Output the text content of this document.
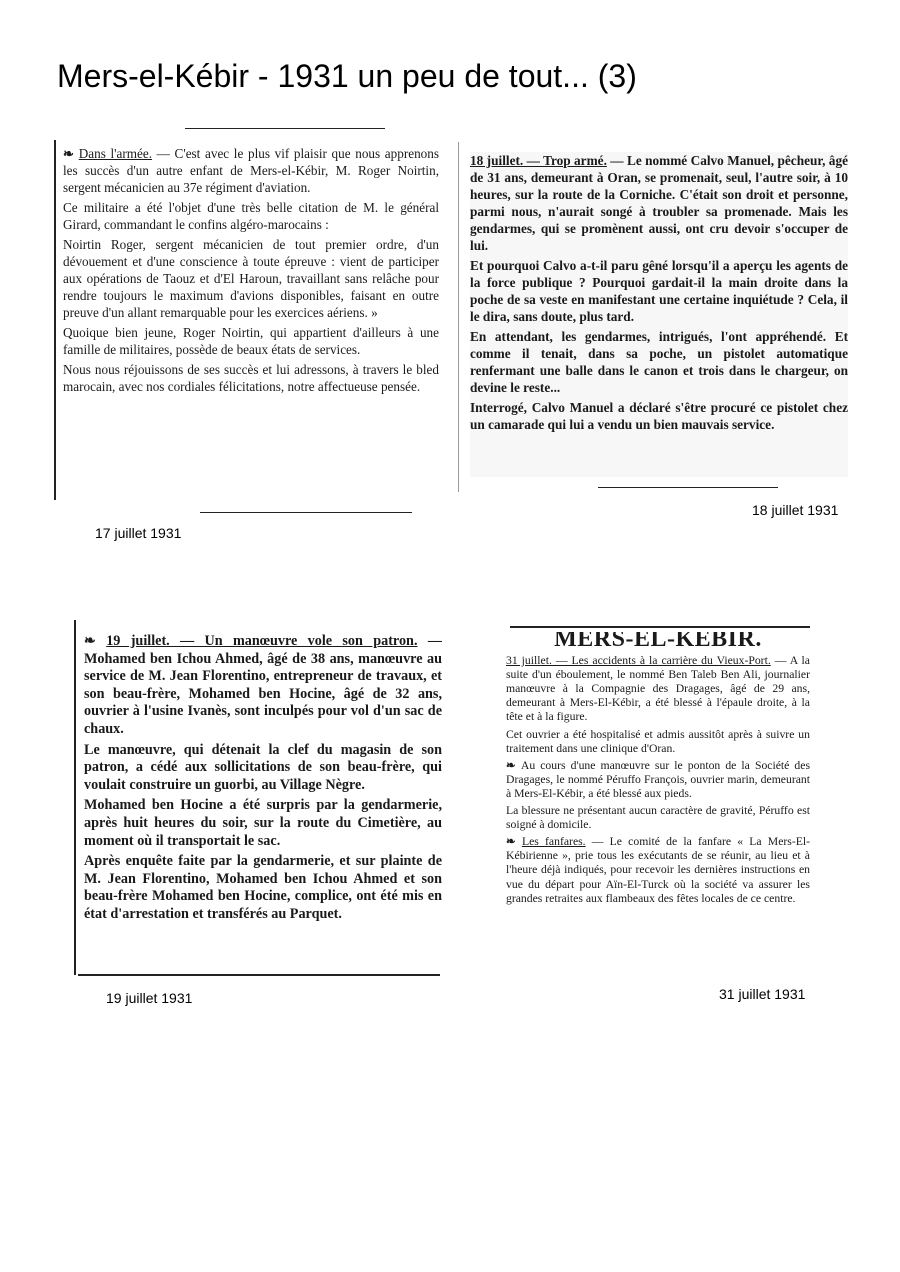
Mers-el-Kébir - 1931 un peu de tout... (3)

❧ Dans l'armée. — C'est avec le plus vif plaisir que nous apprenons les succès d'un autre enfant de Mers-el-Kébir, M. Roger Noirtin, sergent mécanicien au 37e régiment d'aviation.

Ce militaire a été l'objet d'une très belle citation de M. le général Girard, commandant le confins algéro-marocains :

Noirtin Roger, sergent mécanicien de tout premier ordre, d'un dévouement et d'une conscience à toute épreuve : vient de participer aux opérations de Taouz et d'El Haroun, travaillant sans relâche pour rendre toujours le maximum d'avions disponibles, faisant en outre preuve d'un allant remarquable pour les exercices aériens. »

Quoique bien jeune, Roger Noirtin, qui appartient d'ailleurs à une famille de militaires, possède de beaux états de services.

Nous nous réjouissons de ses succès et lui adressons, à travers le bled marocain, avec nos cordiales félicitations, notre affectueuse pensée.

17 juillet 1931

18 juillet. — Trop armé. — Le nommé Calvo Manuel, pêcheur, âgé de 31 ans, demeurant à Oran, se promenait, seul, l'autre soir, à 10 heures, sur la route de la Corniche. C'était son droit et personne, parmi nous, n'aurait songé à troubler sa promenade. Mais les gendarmes, qui se promènent aussi, ont cru devoir s'occuper de lui.

Et pourquoi Calvo a-t-il paru gêné lorsqu'il a aperçu les agents de la force publique ? Pourquoi gardait-il la main droite dans la poche de sa veste en manifestant une certaine inquiétude ? Cela, il le dira, sans doute, plus tard.

En attendant, les gendarmes, intrigués, l'ont appréhendé. Et comme il tenait, dans sa poche, un pistolet automatique renfermant une balle dans le canon et trois dans le chargeur, on devine le reste...

Interrogé, Calvo Manuel a déclaré s'être procuré ce pistolet chez un camarade qui lui a vendu un bien mauvais service.

18 juillet 1931

❧ 19 juillet. — Un manœuvre vole son patron. — Mohamed ben Ichou Ahmed, âgé de 38 ans, manœuvre au service de M. Jean Florentino, entrepreneur de travaux, et son beau-frère, Mohamed ben Hocine, âgé de 32 ans, ouvrier à l'usine Ivanès, sont inculpés pour vol d'un sac de chaux.

Le manœuvre, qui détenait la clef du magasin de son patron, a cédé aux sollicitations de son beau-frère, qui voulait construire un guorbi, au Village Nègre.

Mohamed ben Hocine a été surpris par la gendarmerie, après huit heures du soir, sur la route du Cimetière, au moment où il transportait le sac.

Après enquête faite par la gendarmerie, et sur plainte de M. Jean Florentino, Mohamed ben Ichou Ahmed et son beau-frère Mohamed ben Hocine, complice, ont été mis en état d'arrestation et transférés au Parquet.

19 juillet 1931
MERS-EL-KEBIR.

31 juillet. — Les accidents à la carrière du Vieux-Port. — A la suite d'un éboulement, le nommé Ben Taleb Ben Ali, journalier manœuvre à la Compagnie des Dragages, âgé de 29 ans, demeurant à Mers-El-Kébir, a été blessé à l'épaule droite, à la tête et à la figure.

Cet ouvrier a été hospitalisé et admis aussitôt après à suivre un traitement dans une clinique d'Oran.

❧ Au cours d'une manœuvre sur le ponton de la Société des Dragages, le nommé Péruffo François, ouvrier marin, demeurant à Mers-El-Kébir, a été blessé aux pieds.

La blessure ne présentant aucun caractère de gravité, Péruffo est soigné à domicile.

❧ Les fanfares. — Le comité de la fanfare « La Mers-El-Kébirienne », prie tous les exécutants de se réunir, au lieu et à l'heure déjà indiqués, pour recevoir les dernières instructions en vue du départ pour Aïn-El-Turck où la société va assurer les grandes retraites aux flambeaux des fêtes locales de ce centre.

31 juillet 1931
